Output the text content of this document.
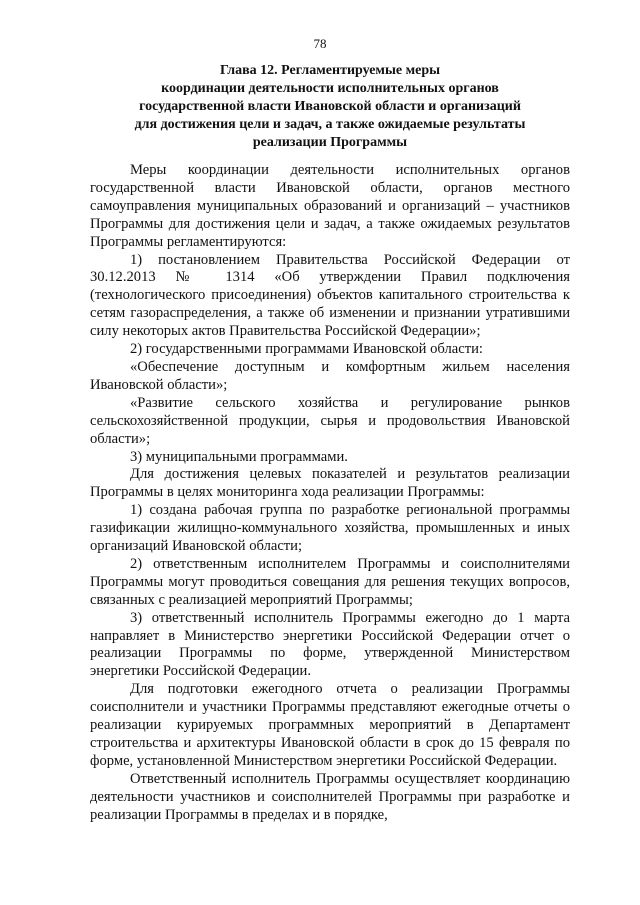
78
Глава 12. Регламентируемые меры
координации деятельности исполнительных органов
государственной власти Ивановской области и организаций
для достижения цели и задач, а также ожидаемые результаты
реализации Программы

Меры координации деятельности исполнительных органов государственной власти Ивановской области, органов местного самоуправления муниципальных образований и организаций – участников Программы для достижения цели и задач, а также ожидаемых результатов Программы регламентируются:

1) постановлением Правительства Российской Федерации от 30.12.2013 № 1314 «Об утверждении Правил подключения (технологического присоединения) объектов капитального строительства к сетям газораспределения, а также об изменении и признании утратившими силу некоторых актов Правительства Российской Федерации»;

2) государственными программами Ивановской области:

«Обеспечение доступным и комфортным жильем населения Ивановской области»;

«Развитие сельского хозяйства и регулирование рынков сельскохозяйственной продукции, сырья и продовольствия Ивановской области»;

3) муниципальными программами.

Для достижения целевых показателей и результатов реализации Программы в целях мониторинга хода реализации Программы:

1) создана рабочая группа по разработке региональной программы газификации жилищно-коммунального хозяйства, промышленных и иных организаций Ивановской области;

2) ответственным исполнителем Программы и соисполнителями Программы могут проводиться совещания для решения текущих вопросов, связанных с реализацией мероприятий Программы;

3) ответственный исполнитель Программы ежегодно до 1 марта направляет в Министерство энергетики Российской Федерации отчет о реализации Программы по форме, утвержденной Министерством энергетики Российской Федерации.

Для подготовки ежегодного отчета о реализации Программы соисполнители и участники Программы представляют ежегодные отчеты о реализации курируемых программных мероприятий в Департамент строительства и архитектуры Ивановской области в срок до 15 февраля по форме, установленной Министерством энергетики Российской Федерации.

Ответственный исполнитель Программы осуществляет координацию деятельности участников и соисполнителей Программы при разработке и реализации Программы в пределах и в порядке,
